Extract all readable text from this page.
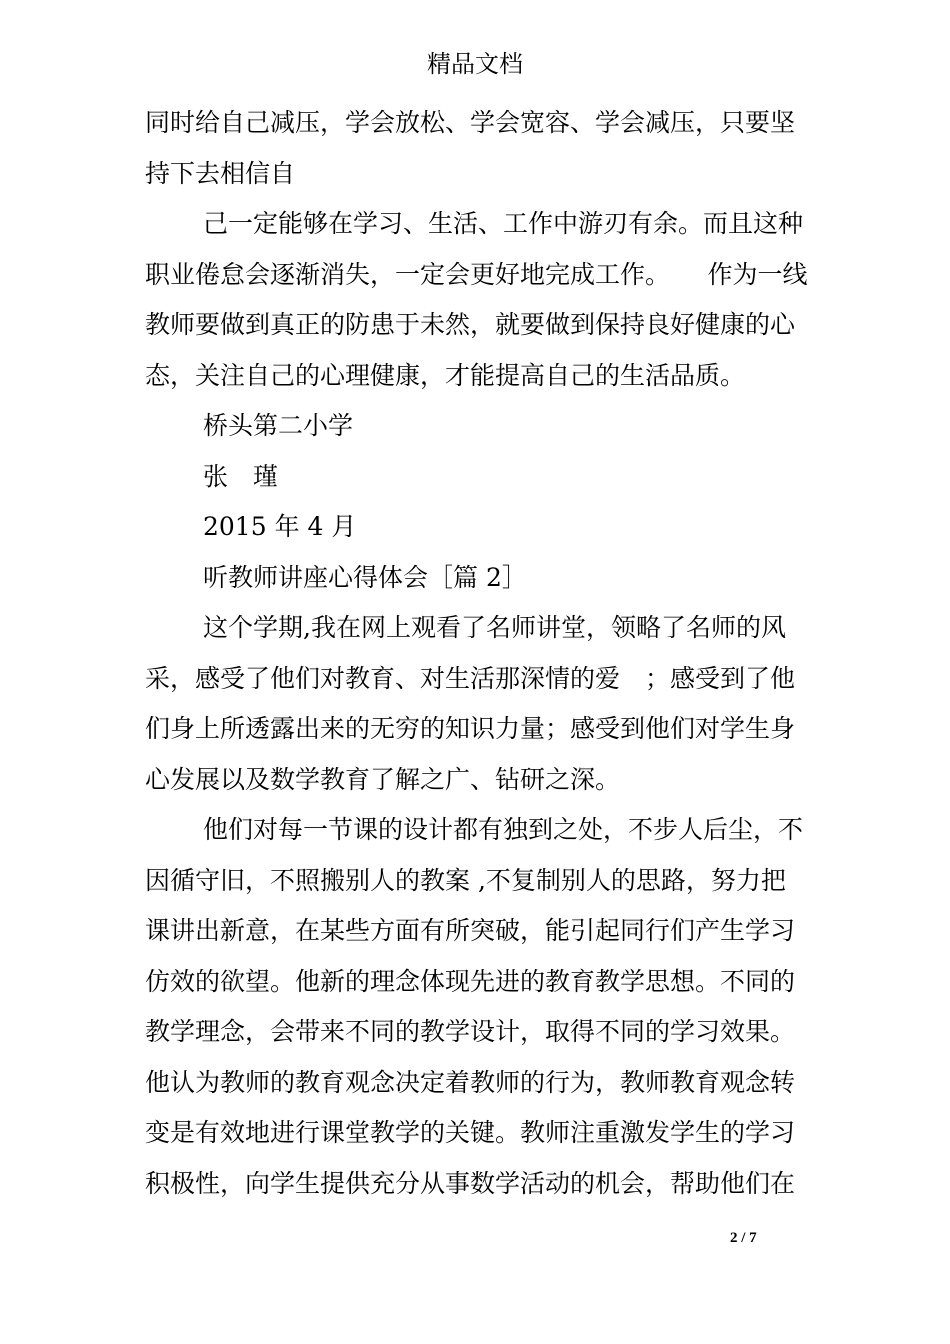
精品文档
同时给自己减压，学会放松、学会宽容、学会减压，只要坚
持下去相信自
己一定能够在学习、生活、工作中游刃有余。而且这种
职业倦怠会逐渐消失，一定会更好地完成工作。　　作为一线
教师要做到真正的防患于未然，就要做到保持良好健康的心
态，关注自己的心理健康，才能提高自己的生活品质。
桥头第二小学
张　瑾
2015 年 4 月
听教师讲座心得体会［篇 2］
这个学期,我在网上观看了名师讲堂，领略了名师的风
采，感受了他们对教育、对生活那深情的爱　；感受到了他
们身上所透露出来的无穷的知识力量；感受到他们对学生身
心发展以及数学教育了解之广、钻研之深。
他们对每一节课的设计都有独到之处，不步人后尘，不
因循守旧，不照搬别人的教案 ,不复制别人的思路，努力把
课讲出新意，在某些方面有所突破，能引起同行们产生学习
仿效的欲望。他新的理念体现先进的教育教学思想。不同的
教学理念，会带来不同的教学设计，取得不同的学习效果。
他认为教师的教育观念决定着教师的行为，教师教育观念转
变是有效地进行课堂教学的关键。教师注重激发学生的学习
积极性，向学生提供充分从事数学活动的机会，帮助他们在
2 / 7
